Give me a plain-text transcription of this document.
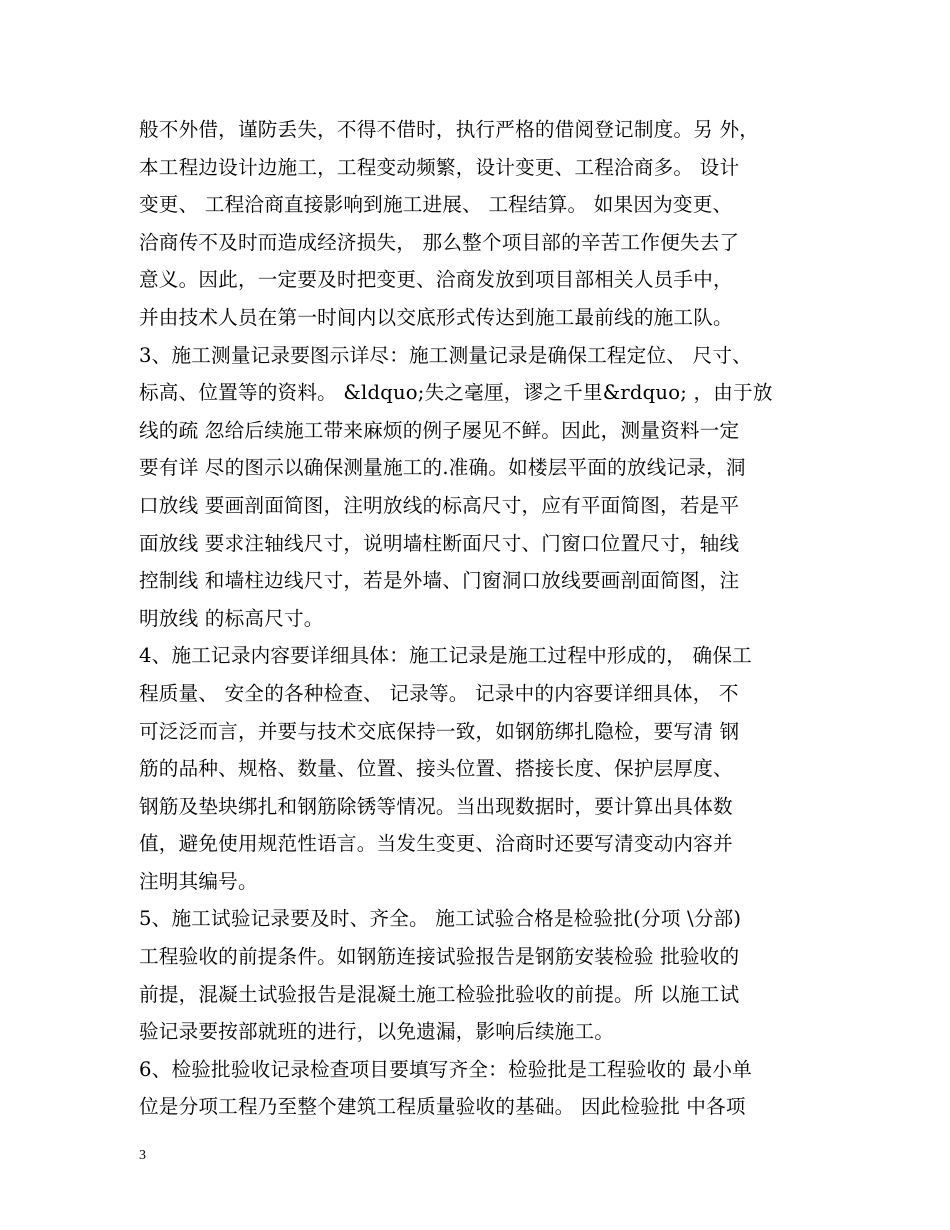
般不外借，谨防丢失，不得不借时，执行严格的借阅登记制度。另 外，
本工程边设计边施工，工程变动频繁，设计变更、工程洽商多。 设计
变更、 工程洽商直接影响到施工进展、 工程结算。 如果因为变更、
洽商传不及时而造成经济损失， 那么整个项目部的辛苦工作便失去了
意义。因此，一定要及时把变更、洽商发放到项目部相关人员手中，
并由技术人员在第一时间内以交底形式传达到施工最前线的施工队。
3、施工测量记录要图示详尽：施工测量记录是确保工程定位、 尺寸、
标高、位置等的资料。 &ldquo;失之毫厘，谬之千里&rdquo; ，由于放
线的疏 忽给后续施工带来麻烦的例子屡见不鲜。因此，测量资料一定
要有详 尽的图示以确保测量施工的.准确。如楼层平面的放线记录，洞
口放线 要画剖面简图，注明放线的标高尺寸，应有平面简图，若是平
面放线 要求注轴线尺寸，说明墙柱断面尺寸、门窗口位置尺寸，轴线
控制线 和墙柱边线尺寸，若是外墙、门窗洞口放线要画剖面简图，注
明放线 的标高尺寸。
4、施工记录内容要详细具体：施工记录是施工过程中形成的， 确保工
程质量、 安全的各种检查、 记录等。 记录中的内容要详细具体， 不
可泛泛而言，并要与技术交底保持一致，如钢筋绑扎隐检，要写清 钢
筋的品种、规格、数量、位置、接头位置、搭接长度、保护层厚度、
钢筋及垫块绑扎和钢筋除锈等情况。当出现数据时，要计算出具体数
值，避免使用规范性语言。当发生变更、洽商时还要写清变动内容并
注明其编号。
5、施工试验记录要及时、齐全。 施工试验合格是检验批(分项 \分部)
工程验收的前提条件。如钢筋连接试验报告是钢筋安装检验 批验收的
前提，混凝土试验报告是混凝土施工检验批验收的前提。所 以施工试
验记录要按部就班的进行，以免遗漏，影响后续施工。
6、检验批验收记录检查项目要填写齐全：检验批是工程验收的 最小单
位是分项工程乃至整个建筑工程质量验收的基础。 因此检验批 中各项
3
